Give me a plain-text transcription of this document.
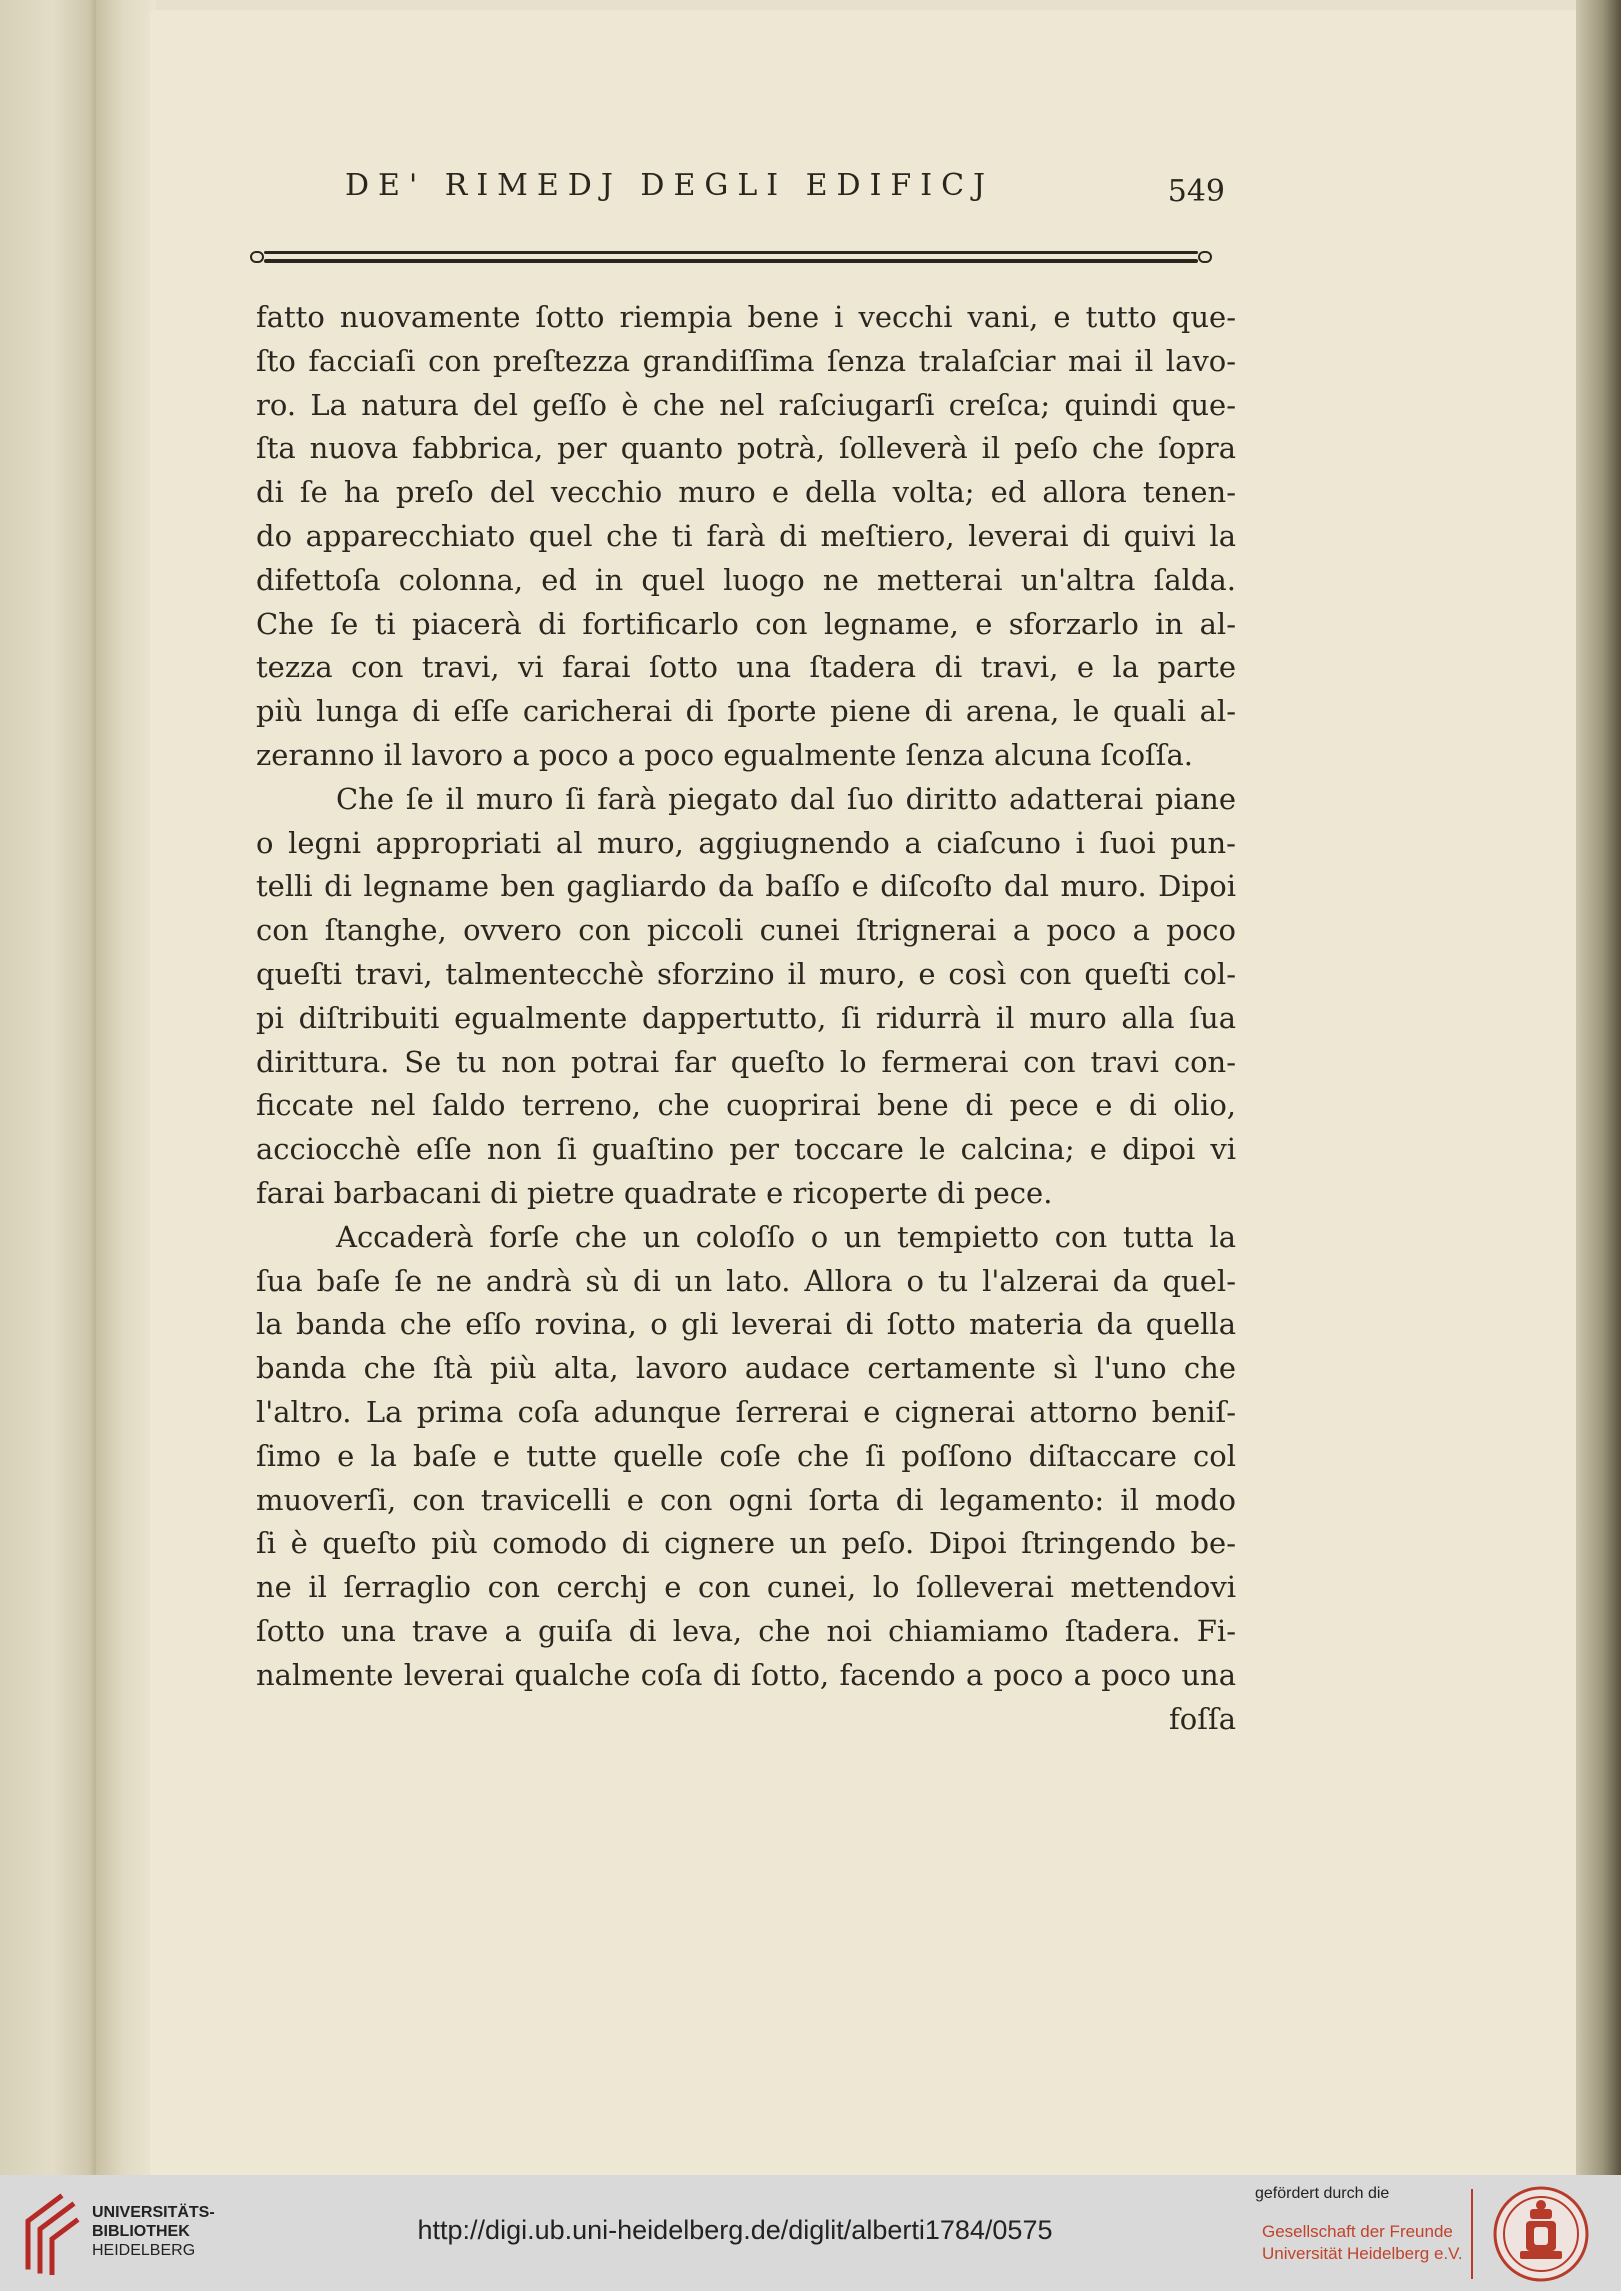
DE' RIMEDJ DEGLI EDIFICJ	549
fatto nuovamente ſotto riempia bene i vecchi vani, e tutto que-
ſto facciaſi con preſtezza grandiſſima ſenza tralaſciar mai il lavo-
ro. La natura del geſſo è che nel raſciugarſi creſca; quindi que-
ſta nuova fabbrica, per quanto potrà, ſolleverà il peſo che ſopra
di ſe ha preſo del vecchio muro e della volta; ed allora tenen-
do apparecchiato quel che ti farà di meſtiero, leverai di quivi la
difettoſa colonna, ed in quel luogo ne metterai un'altra ſalda.
Che ſe ti piacerà di fortificarlo con legname, e sforzarlo in al-
tezza con travi, vi farai ſotto una ſtadera di travi, e la parte
più lunga di eſſe caricherai di ſporte piene di arena, le quali al-
zeranno il lavoro a poco a poco egualmente ſenza alcuna ſcoſſa.
Che ſe il muro ſi farà piegato dal ſuo diritto adatterai piane
o legni appropriati al muro, aggiugnendo a ciaſcuno i ſuoi pun-
telli di legname ben gagliardo da baſſo e diſcoſto dal muro. Dipoi
con ſtanghe, ovvero con piccoli cunei ſtrignerai a poco a poco
queſti travi, talmentecchè sforzino il muro, e così con queſti col-
pi diſtribuiti egualmente dappertutto, ſi ridurrà il muro alla ſua
dirittura. Se tu non potrai far queſto lo fermerai con travi con-
ficcate nel ſaldo terreno, che cuoprirai bene di pece e di olio,
acciocchè eſſe non ſi guaſtino per toccare le calcina; e dipoi vi
farai barbacani di pietre quadrate e ricoperte di pece.
Accaderà forſe che un coloſſo o un tempietto con tutta la
ſua baſe ſe ne andrà sù di un lato. Allora o tu l'alzerai da quel-
la banda che eſſo rovina, o gli leverai di ſotto materia da quella
banda che ſtà più alta, lavoro audace certamente sì l'uno che
l'altro. La prima coſa adunque ſerrerai e cignerai attorno beniſ-
ſimo e la baſe e tutte quelle coſe che ſi poſſono diſtaccare col
muoverſi, con travicelli e con ogni ſorta di legamento: il modo
ſi è queſto più comodo di cignere un peſo. Dipoi ſtringendo be-
ne il ſerraglio con cerchj e con cunei, lo ſolleverai mettendovi
ſotto una trave a guiſa di leva, che noi chiamiamo ſtadera. Fi-
nalmente leverai qualche coſa di ſotto, facendo a poco a poco una
foſſa
UNIVERSITÄTS-
BIBLIOTHEK
HEIDELBERG
http://digi.ub.uni-heidelberg.de/diglit/alberti1784/0575
gefördert durch die
Gesellschaft der Freunde
Universität Heidelberg e.V.
